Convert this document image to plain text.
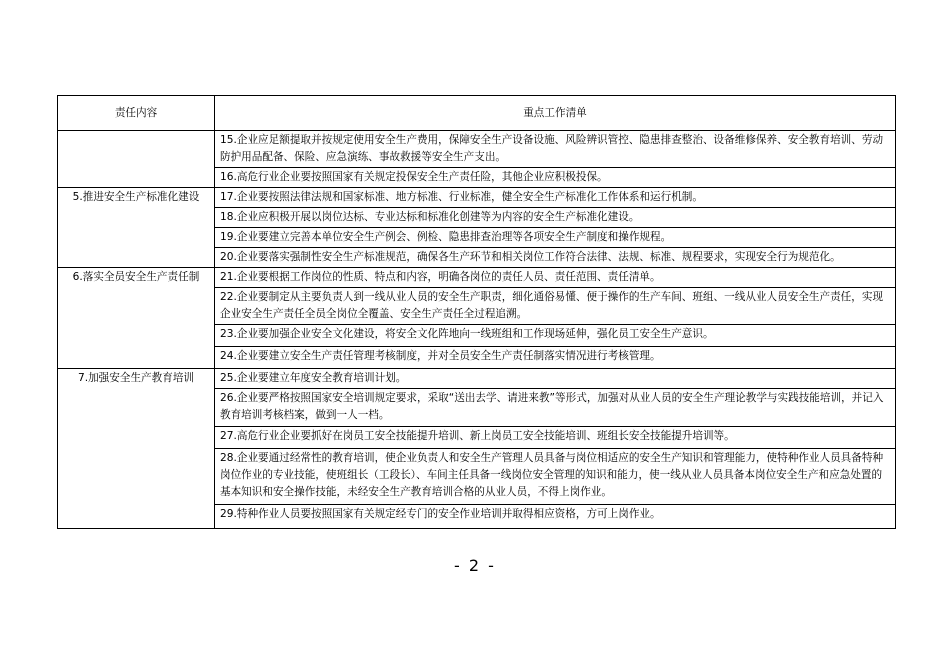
责任内容	重点工作清单
	15.企业应足额提取并按规定使用安全生产费用，保障安全生产设备设施、风险辨识管控、隐患排查整治、设备维修保养、安全教育培训、劳动防护用品配备、保险、应急演练、事故救援等安全生产支出。
	16.高危行业企业要按照国家有关规定投保安全生产责任险，其他企业应积极投保。
5.推进安全生产标准化建设	17.企业要按照法律法规和国家标准、地方标准、行业标准，健全安全生产标准化工作体系和运行机制。
	18.企业应积极开展以岗位达标、专业达标和标准化创建等为内容的安全生产标准化建设。
	19.企业要建立完善本单位安全生产例会、例检、隐患排查治理等各项安全生产制度和操作规程。
	20.企业要落实强制性安全生产标准规范，确保各生产环节和相关岗位工作符合法律、法规、标准、规程要求，实现安全行为规范化。
6.落实全员安全生产责任制	21.企业要根据工作岗位的性质、特点和内容，明确各岗位的责任人员、责任范围、责任清单。
	22.企业要制定从主要负责人到一线从业人员的安全生产职责，细化通俗易懂、便于操作的生产车间、班组、一线从业人员安全生产责任，实现企业安全生产责任全员全岗位全覆盖、安全生产责任全过程追溯。
	23.企业要加强企业安全文化建设，将安全文化阵地向一线班组和工作现场延伸，强化员工安全生产意识。
	24.企业要建立安全生产责任管理考核制度，并对全员安全生产责任制落实情况进行考核管理。
7.加强安全生产教育培训	25.企业要建立年度安全教育培训计划。
	26.企业要严格按照国家安全培训规定要求，采取“送出去学、请进来教”等形式，加强对从业人员的安全生产理论教学与实践技能培训，并记入教育培训考核档案，做到一人一档。
	27.高危行业企业要抓好在岗员工安全技能提升培训、新上岗员工安全技能培训、班组长安全技能提升培训等。
	28.企业要通过经常性的教育培训，使企业负责人和安全生产管理人员具备与岗位相适应的安全生产知识和管理能力，使特种作业人员具备特种岗位作业的专业技能，使班组长（工段长）、车间主任具备一线岗位安全管理的知识和能力，使一线从业人员具备本岗位安全生产和应急处置的基本知识和安全操作技能，未经安全生产教育培训合格的从业人员，不得上岗作业。
	29.特种作业人员要按照国家有关规定经专门的安全作业培训并取得相应资格，方可上岗作业。
- 2 -
